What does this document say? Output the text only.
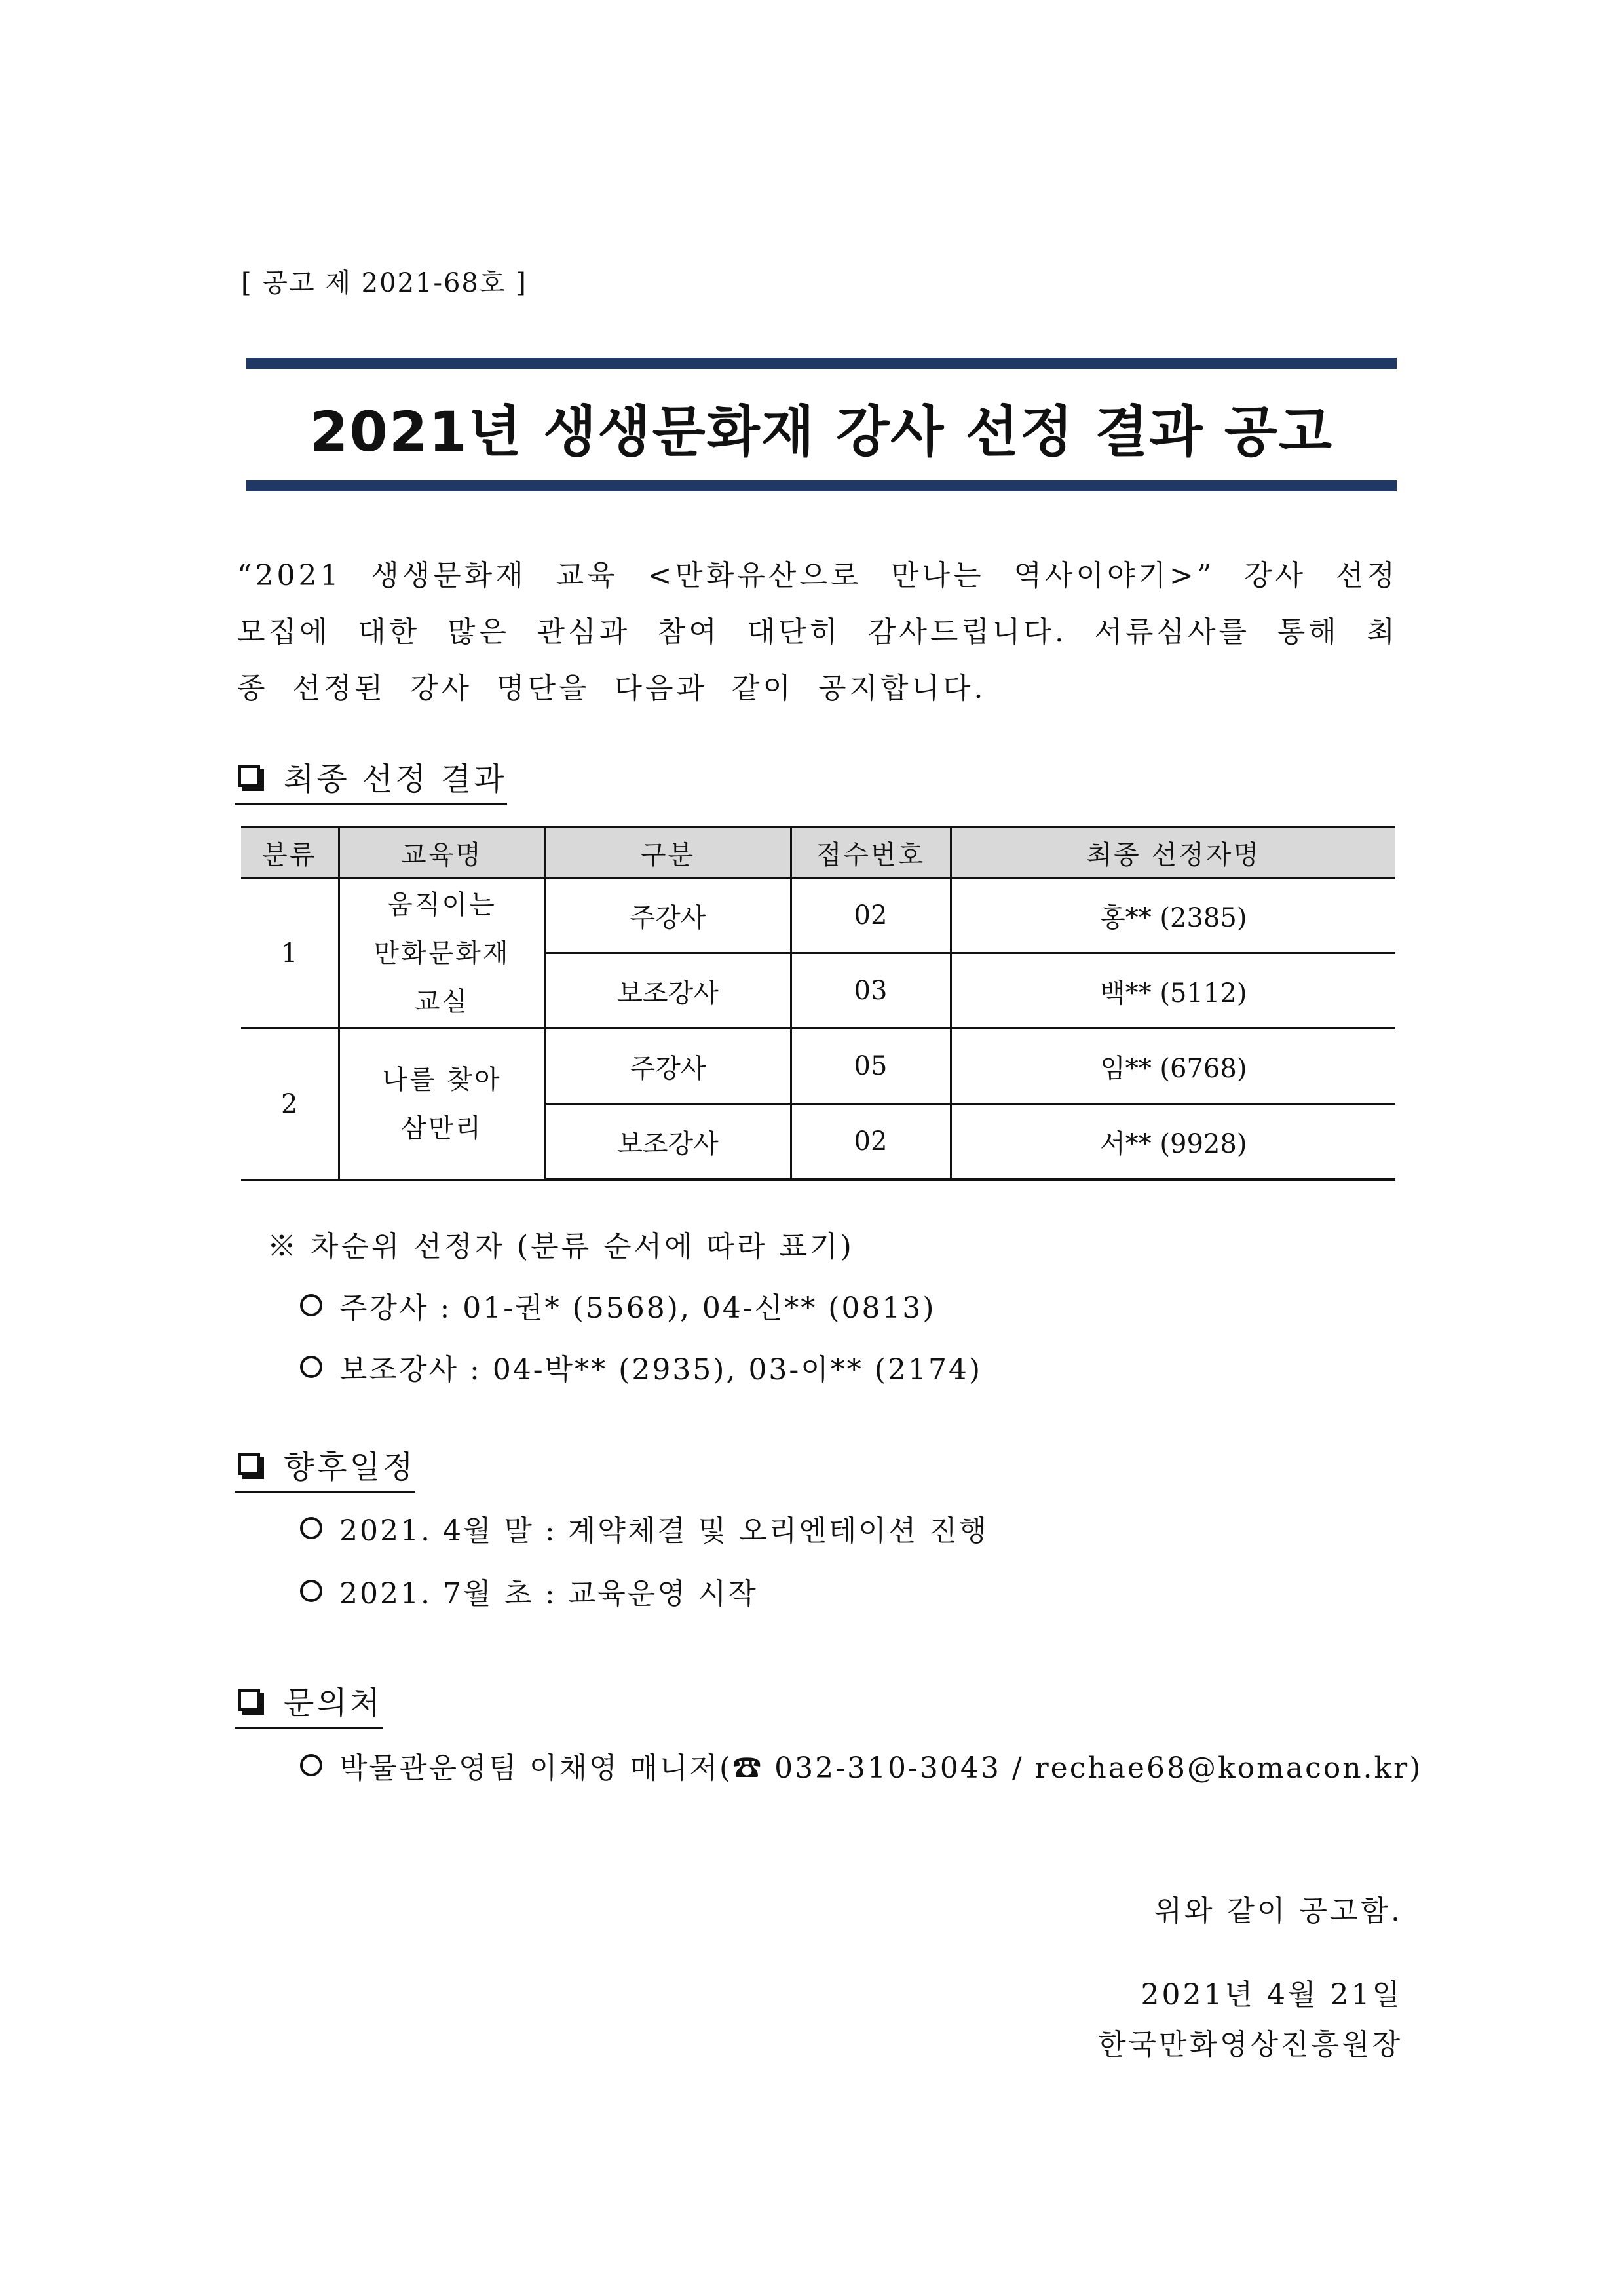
[ 공고 제 2021-68호 ]
2021년 생생문화재 강사 선정 결과 공고
“2021 생생문화재 교육 <만화유산으로 만나는 역사이야기>” 강사 선정 모집에 대한 많은 관심과 참여 대단히 감사드립니다. 서류심사를 통해 최종 선정된 강사 명단을 다음과 같이 공지합니다.
최종 선정 결과
분류	교육명	구분	접수번호	최종 선정자명
1	움직이는
만화문화재
교실	주강사	02	홍** (2385)
		보조강사	03	백** (5112)
2	나를 찾아
삼만리	주강사	05	임** (6768)
		보조강사	02	서** (9928)
※ 차순위 선정자 (분류 순서에 따라 표기)
주강사 : 01-권* (5568), 04-신** (0813)
보조강사 : 04-박** (2935), 03-이** (2174)
향후일정
2021. 4월 말 : 계약체결 및 오리엔테이션 진행
2021. 7월 초 : 교육운영 시작
문의처
박물관운영팀 이채영 매니저(☎ 032-310-3043 / rechae68@komacon.kr)
위와 같이 공고함.
2021년 4월 21일
한국만화영상진흥원장
